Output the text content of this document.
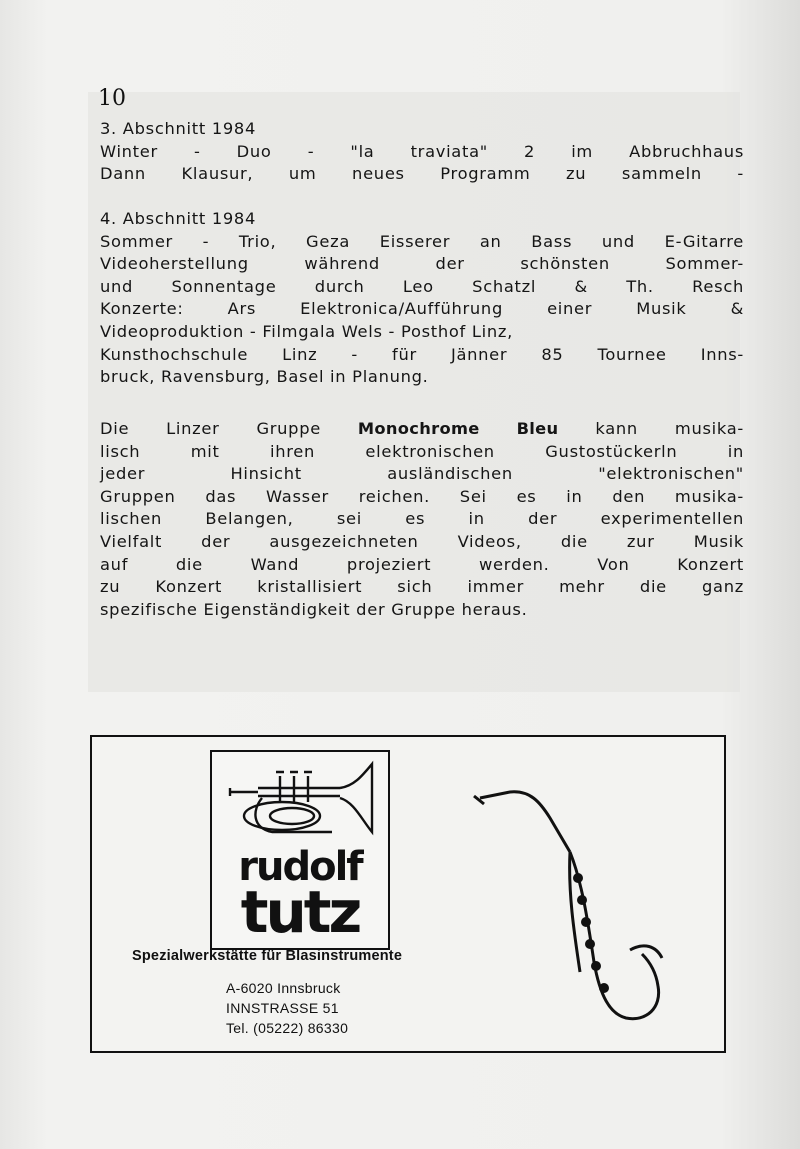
10
3. Abschnitt 1984
Winter - Duo - "la traviata" 2 im Abbruchhaus
Dann Klausur, um neues Programm zu sammeln -
4. Abschnitt 1984
Sommer - Trio, Geza Eisserer an Bass und E-Gitarre
Videoherstellung während der schönsten Sommer-
und Sonnentage durch Leo Schatzl & Th. Resch
Konzerte: Ars Elektronica/Aufführung einer Musik &
Videoproduktion - Filmgala Wels - Posthof Linz,
Kunsthochschule Linz - für Jänner 85 Tournee Inns-
bruck, Ravensburg, Basel in Planung.
Die Linzer Gruppe Monochrome Bleu kann musika-
lisch mit ihren elektronischen Gustostückerln in
jeder Hinsicht ausländischen "elektronischen"
Gruppen das Wasser reichen. Sei es in den musika-
lischen Belangen, sei es in der experimentellen
Vielfalt der ausgezeichneten Videos, die zur Musik
auf die Wand projeziert werden. Von Konzert
zu Konzert kristallisiert sich immer mehr die ganz
spezifische Eigenständigkeit der Gruppe heraus.
rudolf
tutz
Spezialwerkstätte für Blasinstrumente
A-6020 Innsbruck
INNSTRASSE 51
Tel. (05222) 86330
